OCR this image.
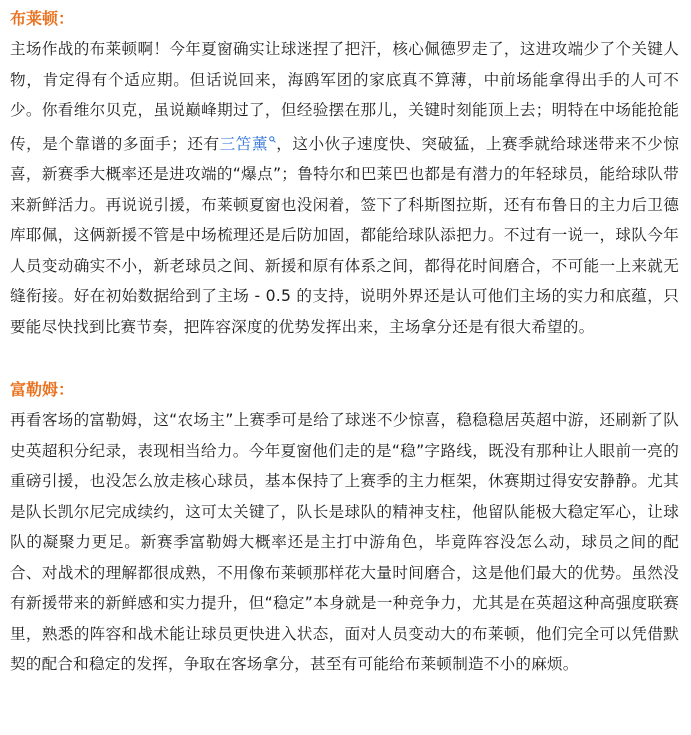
布莱顿：

主场作战的布莱顿啊！今年夏窗确实让球迷捏了把汗，核心佩德罗走了，这进攻端少了个关键人物，肯定得有个适应期。但话说回来，海鸥军团的家底真不算薄，中前场能拿得出手的人可不少。你看维尔贝克，虽说巅峰期过了，但经验摆在那儿，关键时刻能顶上去；明特在中场能抢能传，是个靠谱的多面手；还有三笘薰 ，这小伙子速度快、突破猛，上赛季就给球迷带来不少惊喜，新赛季大概率还是进攻端的“爆点”；鲁特尔和巴莱巴也都是有潜力的年轻球员，能给球队带来新鲜活力。再说说引援，布莱顿夏窗也没闲着，签下了科斯图拉斯，还有布鲁日的主力后卫德库耶佩，这俩新援不管是中场梳理还是后防加固，都能给球队添把力。不过有一说一，球队今年人员变动确实不小，新老球员之间、新援和原有体系之间，都得花时间磨合，不可能一上来就无缝衔接。好在初始数据给到了主场 - 0.5 的支持，说明外界还是认可他们主场的实力和底蕴，只要能尽快找到比赛节奏，把阵容深度的优势发挥出来，主场拿分还是有很大希望的。

富勒姆：

再看客场的富勒姆，这“农场主”上赛季可是给了球迷不少惊喜，稳稳稳居英超中游，还刷新了队史英超积分纪录，表现相当给力。今年夏窗他们走的是“稳”字路线，既没有那种让人眼前一亮的重磅引援，也没怎么放走核心球员，基本保持了上赛季的主力框架，休赛期过得安安静静。尤其是队长凯尔尼完成续约，这可太关键了，队长是球队的精神支柱，他留队能极大稳定军心，让球队的凝聚力更足。新赛季富勒姆大概率还是主打中游角色，毕竟阵容没怎么动，球员之间的配合、对战术的理解都很成熟，不用像布莱顿那样花大量时间磨合，这是他们最大的优势。虽然没有新援带来的新鲜感和实力提升，但“稳定”本身就是一种竞争力，尤其是在英超这种高强度联赛里，熟悉的阵容和战术能让球员更快进入状态，面对人员变动大的布莱顿，他们完全可以凭借默契的配合和稳定的发挥，争取在客场拿分，甚至有可能给布莱顿制造不小的麻烦。
